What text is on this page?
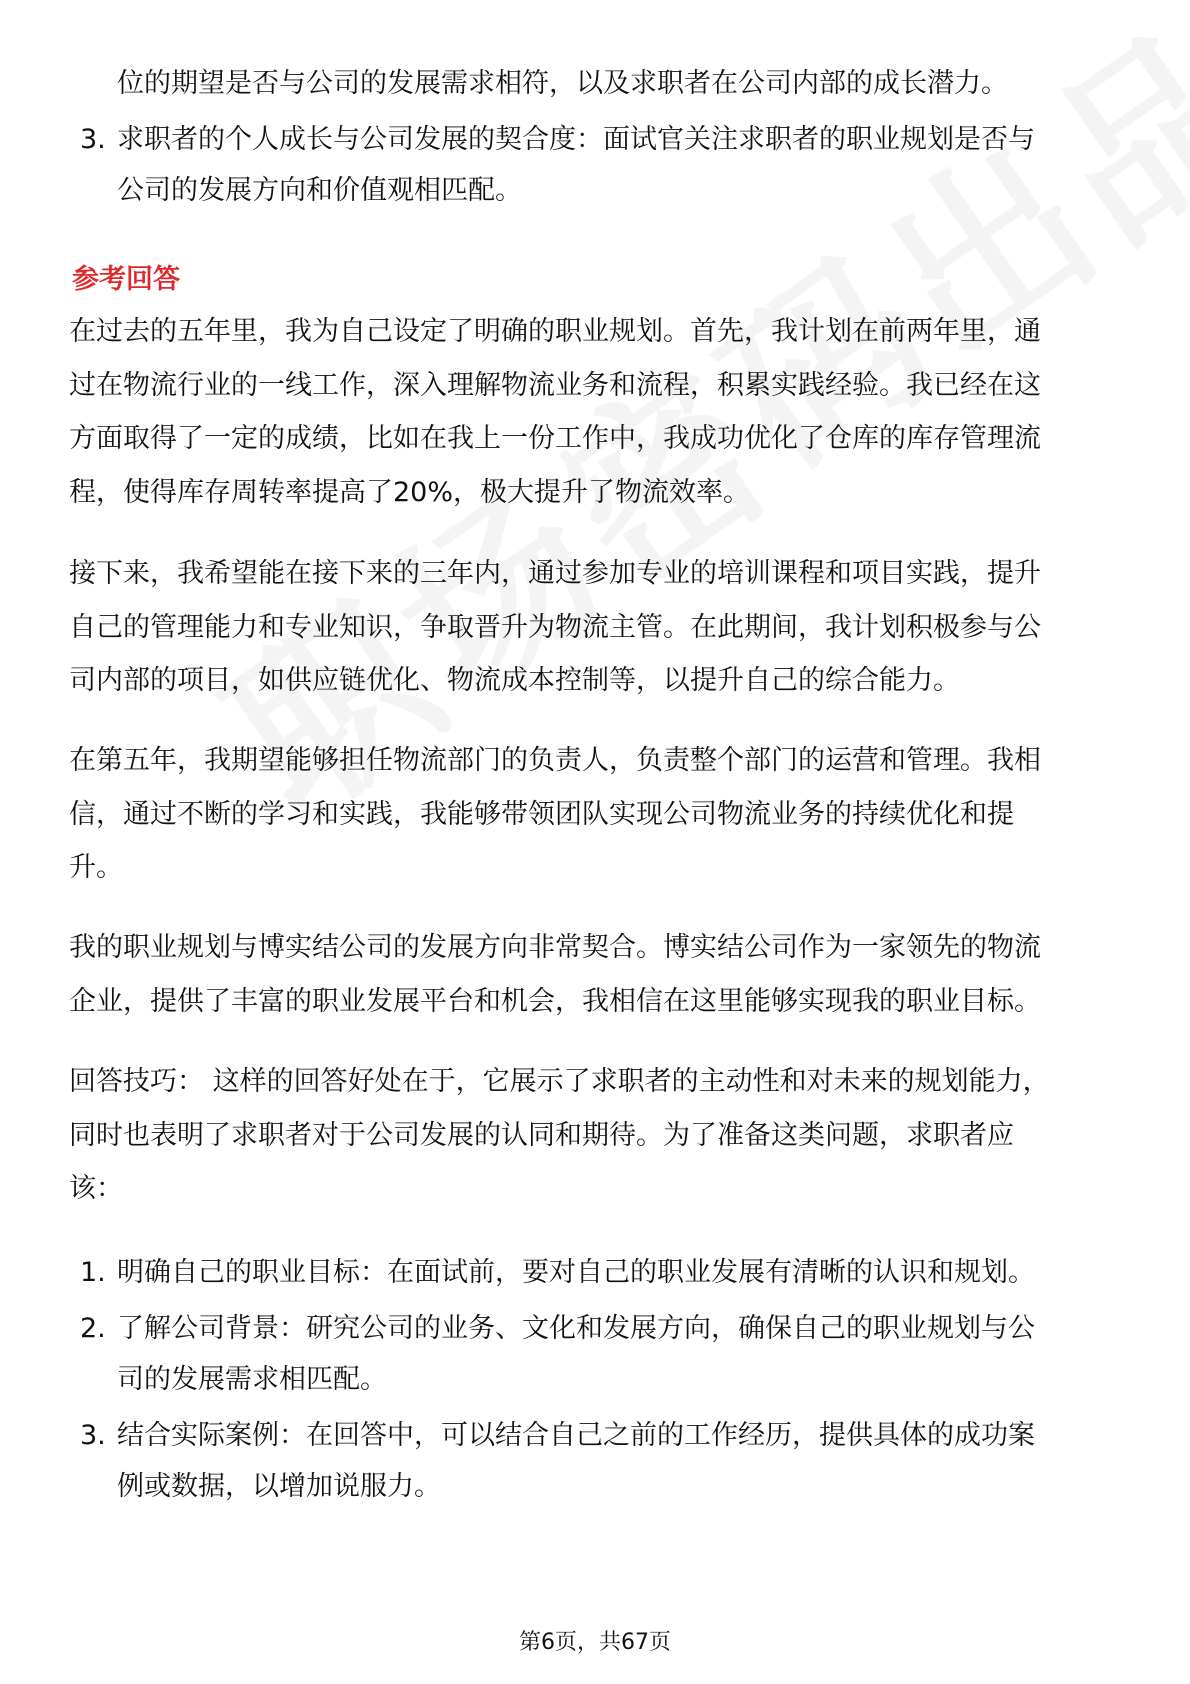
位的期望是否与公司的发展需求相符，以及求职者在公司内部的成长潜力。
3. 求职者的个人成长与公司发展的契合度：面试官关注求职者的职业规划是否与
公司的发展方向和价值观相匹配。
参考回答
在过去的五年里，我为自己设定了明确的职业规划。首先，我计划在前两年里，通
过在物流行业的一线工作，深入理解物流业务和流程，积累实践经验。我已经在这
方面取得了一定的成绩，比如在我上一份工作中，我成功优化了仓库的库存管理流
程，使得库存周转率提高了20%，极大提升了物流效率。
接下来，我希望能在接下来的三年内，通过参加专业的培训课程和项目实践，提升
自己的管理能力和专业知识，争取晋升为物流主管。在此期间，我计划积极参与公
司内部的项目，如供应链优化、物流成本控制等，以提升自己的综合能力。
在第五年，我期望能够担任物流部门的负责人，负责整个部门的运营和管理。我相
信，通过不断的学习和实践，我能够带领团队实现公司物流业务的持续优化和提
升。
我的职业规划与博实结公司的发展方向非常契合。博实结公司作为一家领先的物流
企业，提供了丰富的职业发展平台和机会，我相信在这里能够实现我的职业目标。
回答技巧： 这样的回答好处在于，它展示了求职者的主动性和对未来的规划能力，
同时也表明了求职者对于公司发展的认同和期待。为了准备这类问题，求职者应
该：
1. 明确自己的职业目标：在面试前，要对自己的职业发展有清晰的认识和规划。
2. 了解公司背景：研究公司的业务、文化和发展方向，确保自己的职业规划与公
司的发展需求相匹配。
3. 结合实际案例：在回答中，可以结合自己之前的工作经历，提供具体的成功案
例或数据，以增加说服力。
第6页，共67页
